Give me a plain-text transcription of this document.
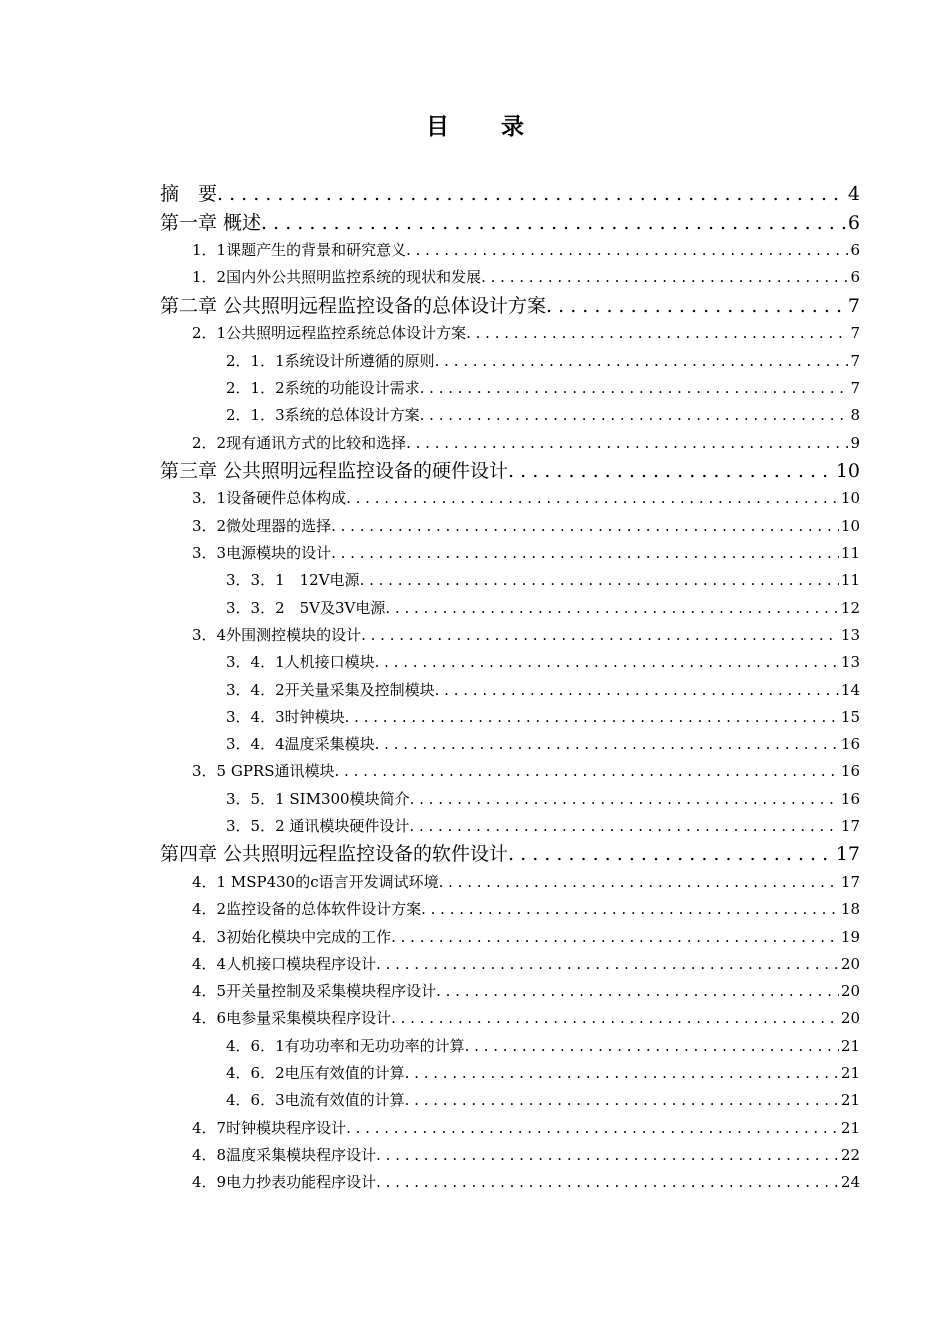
目 录
摘　要 . . .	4
第一章 概述 . . .	6
1．1课题产生的背景和研究意义 . . .	6
1．2国内外公共照明监控系统的现状和发展 . . .	6
第二章 公共照明远程监控设备的总体设计方案 . . .	7
2．1公共照明远程监控系统总体设计方案 . . .	7
2．1．1系统设计所遵循的原则 . . .	7
2．1．2系统的功能设计需求 . . .	7
2．1．3系统的总体设计方案 . . .	8
2．2现有通讯方式的比较和选择 . . .	9
第三章 公共照明远程监控设备的硬件设计 . . .	10
3．1设备硬件总体构成 . . .	10
3．2微处理器的选择 . . .	10
3．3电源模块的设计 . . .	11
3．3．1　12V电源 . . .	11
3．3．2　5V及3V电源 . . .	12
3．4外围测控模块的设计 . . .	13
3．4．1人机接口模块 . . .	13
3．4．2开关量采集及控制模块 . . .	14
3．4．3时钟模块 . . .	15
3．4．4温度采集模块 . . .	16
3．5 GPRS通讯模块 . . .	16
3．5．1 SIM300模块简介 . . .	16
3．5．2 通讯模块硬件设计 . . .	17
第四章 公共照明远程监控设备的软件设计 . . .	17
4．1 MSP430的c语言开发调试环境 . . .	17
4．2监控设备的总体软件设计方案 . . .	18
4．3初始化模块中完成的工作 . . .	19
4．4人机接口模块程序设计 . . .	20
4．5开关量控制及采集模块程序设计 . . .	20
4．6电参量采集模块程序设计 . . .	20
4．6．1有功功率和无功功率的计算 . . .	21
4．6．2电压有效值的计算 . . .	21
4．6．3电流有效值的计算 . . .	21
4．7时钟模块程序设计 . . .	21
4．8温度采集模块程序设计 . . .	22
4．9电力抄表功能程序设计 . . .	24
